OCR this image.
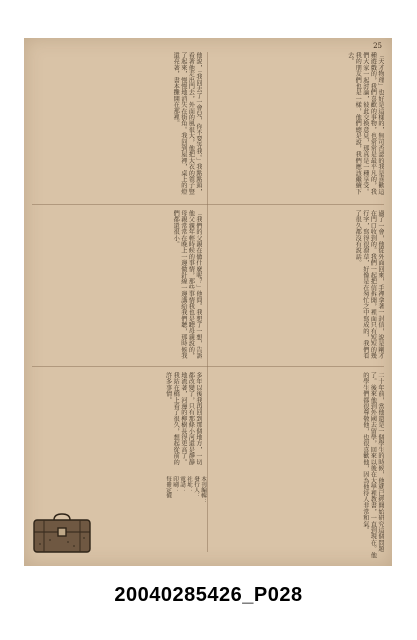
25
「天才物理」也好是這樣的，無可否認的我是喜歡這種遊戲的，我們喜歡的事物，也常常是最平凡的，我們大家一起討論，彼此交換意見，那真是一種享受。我的朋友們也是一樣，他們總是說，我們應該繼續下去。
他說，「我回去了一會兒，你不要等我。」我點點頭，看著他走出門去，外面的風很大，他把大衣的領子豎了起來，慢慢地消失在街角。我回到屋裡，桌上的燈還亮著，書本攤開在那裡。
過了一會，他從外面回來，手裡拿著一封信，說是剛才在門口收到的。我們一起把信拆開，裡面只有短短的幾行字，寫得很潦草，好像是在匆忙之中寫成的，我們看了很久都沒有說話。
「我們的父親在做什麼呢？」他問。我想了一想，告訴他父親年輕時候的事情，那些事情我也是聽母親說的，母親常常在晚上一邊做針線一邊講給我們聽，那時候我們都還很小。
二十年前，當他還是一個學生的時候，他就已經開始研究這個問題了。後來他到外國去留學，回來以後在大學裡教書，一直到現在。他的學生們都很尊敬他，也很喜歡他，因為他待人非常和氣。
多年以後我再回到那個地方，一切都改變了，只有那條小河還是靜靜地流著，河邊的柳樹長得更高了。我站在橋上看了很久，想起從前的許多事情。
本刊編輯：
發行人：
社址：
電話：
印刷：
每冊定價
20040285426_P028
